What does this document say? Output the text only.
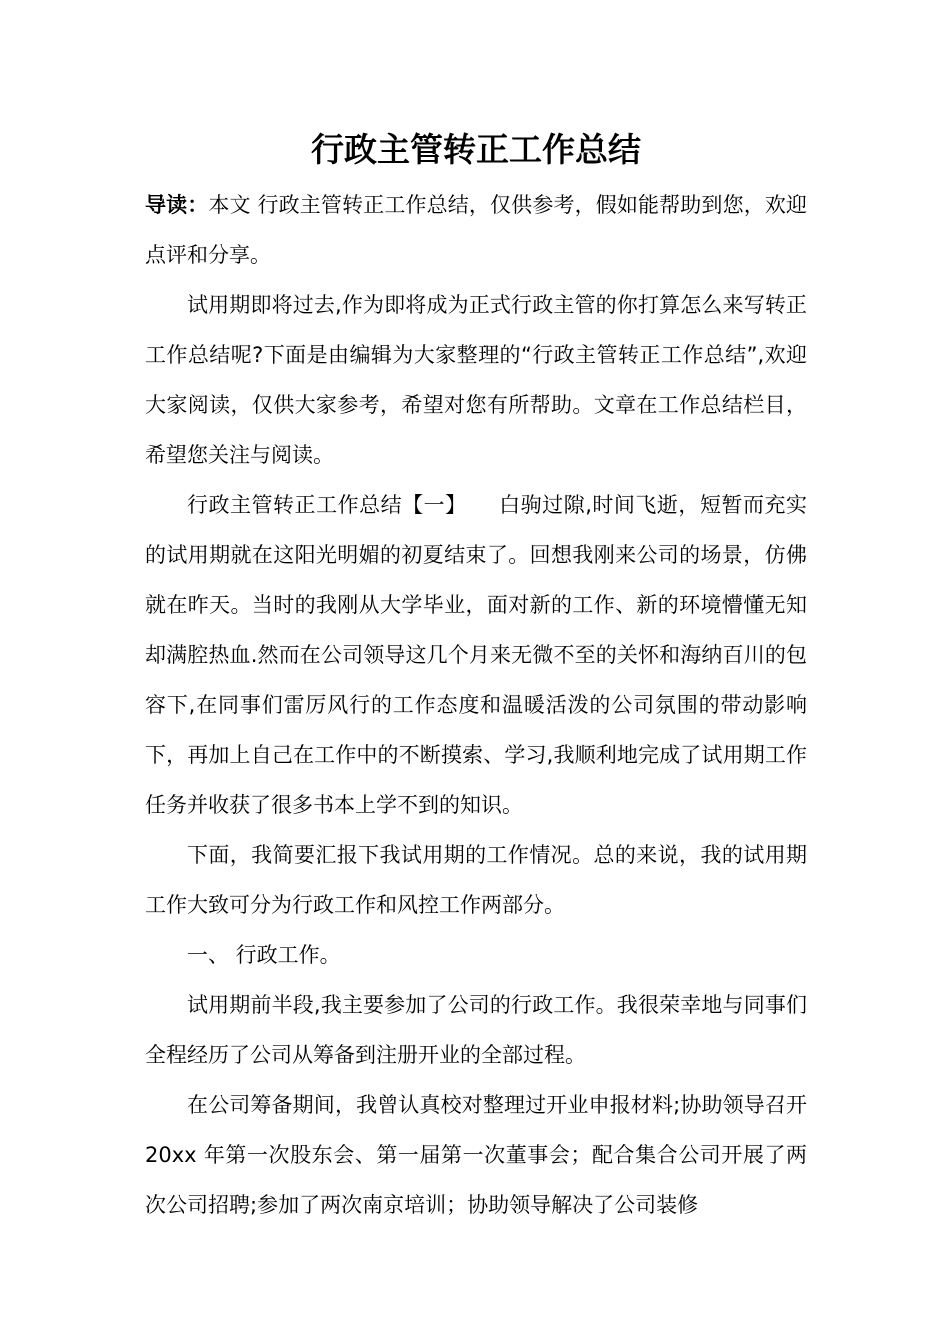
行政主管转正工作总结

导读：本文 行政主管转正工作总结，仅供参考，假如能帮助到您，欢迎点评和分享。

试用期即将过去,作为即将成为正式行政主管的你打算怎么来写转正工作总结呢?下面是由编辑为大家整理的“行政主管转正工作总结”,欢迎大家阅读，仅供大家参考，希望对您有所帮助。文章在工作总结栏目，希望您关注与阅读。

行政主管转正工作总结【一】　　白驹过隙,时间飞逝，短暂而充实的试用期就在这阳光明媚的初夏结束了。回想我刚来公司的场景，仿佛就在昨天。当时的我刚从大学毕业，面对新的工作、新的环境懵懂无知却满腔热血.然而在公司领导这几个月来无微不至的关怀和海纳百川的包容下,在同事们雷厉风行的工作态度和温暖活泼的公司氛围的带动影响下，再加上自己在工作中的不断摸索、学习,我顺利地完成了试用期工作任务并收获了很多书本上学不到的知识。

下面，我简要汇报下我试用期的工作情况。总的来说，我的试用期工作大致可分为行政工作和风控工作两部分。

一、 行政工作。

试用期前半段,我主要参加了公司的行政工作。我很荣幸地与同事们全程经历了公司从筹备到注册开业的全部过程。

在公司筹备期间，我曾认真校对整理过开业申报材料;协助领导召开 20xx 年第一次股东会、第一届第一次董事会；配合集合公司开展了两次公司招聘;参加了两次南京培训；协助领导解决了公司装修
